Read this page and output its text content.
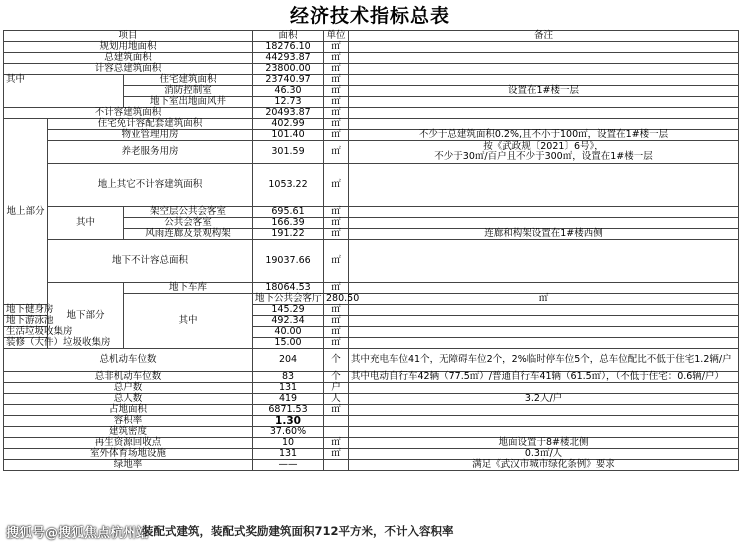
经济技术指标总表
项目			面积	单位	备注	
规划用地面积			18276.10	㎡		
总建筑面积			44293.87	㎡		
计容总建筑面积			23800.00	㎡		
其中		住宅建筑面积	23740.97	㎡		
		消防控制室	46.30	㎡	设置在1#楼一层	
		地下室出地面风井	12.73	㎡		
不计容建筑面积			20493.87	㎡		
地上部分	住宅免计容配套建筑面积		402.99	㎡		
	物业管理用房		101.40	㎡	不少于总建筑面积0.2%,且不小于100㎡，设置在1#楼一层	
	养老服务用房		301.59	㎡	按《武政规〔2021〕6号》，
不少于30㎡/百户且不少于300㎡，设置在1#楼一层	

	地上其它不计容建筑面积		1053.22	㎡		
	其中	架空层公共会客室	695.61	㎡		
		公共会客室	166.39	㎡		
		风雨连廊及景观构架	191.22	㎡	连廊和构架设置在1#楼西侧	
	地下不计容总面积		19037.66	㎡		
	地下部分	地下车库	18064.53	㎡		
		其中	地下公共会客厅	280.50	㎡	
地下健身房			145.29	㎡		
地下游泳池			492.34	㎡		
生活垃圾收集房			40.00	㎡		
装修（大件）垃圾收集房			15.00	㎡		
总机动车位数			204	个	其中充电车位41个，无障碍车位2个，2%临时停车位5个，总车位配比不低于住宅1.2辆/户	
总非机动车位数			83	个	其中电动自行车42辆（77.5㎡）/普通自行车41辆（61.5㎡），（不低于住宅：0.6辆/户）	
总户数			131	户		
总人数			419	人	3.2人/户	
占地面积			6871.53	㎡		
容积率			1.30			
建筑密度			37.60%			
再生资源回收点			10	㎡	地面设置于8#楼北侧	
室外体育场地设施			131	㎡	0.3㎡/人	
绿地率			——		满足《武汉市城市绿化条例》要求	
搜狐号@搜狐焦点杭州站
装配式建筑，装配式奖励建筑面积712平方米，不计入容积率
